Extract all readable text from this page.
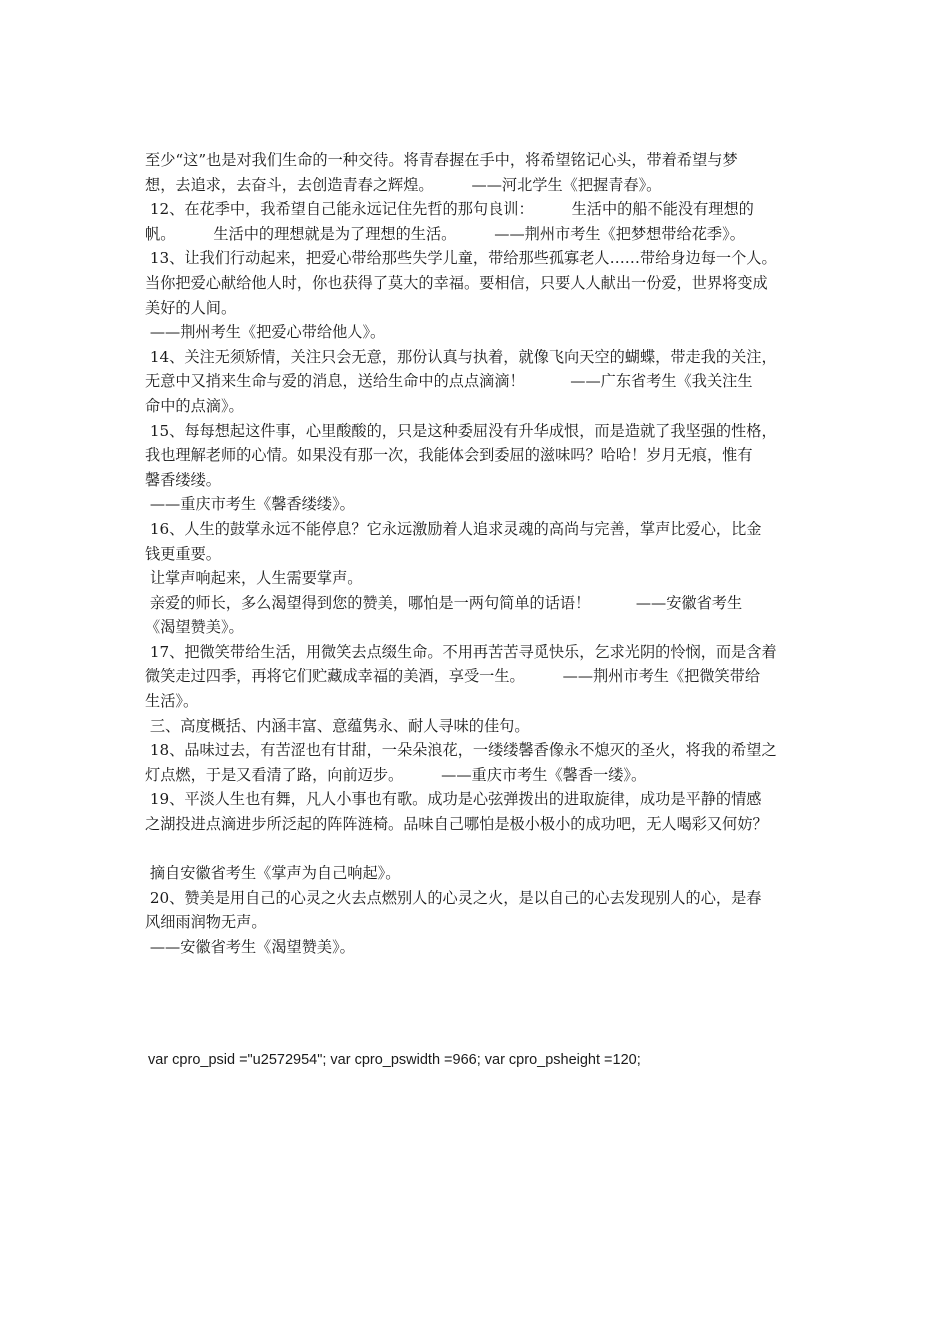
至少“这”也是对我们生命的一种交待。将青春握在手中，将希望铭记心头，带着希望与梦
想，去追求，去奋斗，去创造青春之辉煌。　　　——河北学生《把握青春》。
12、在花季中，我希望自己能永远记住先哲的那句良训：　　　生活中的船不能没有理想的
帆。　　　生活中的理想就是为了理想的生活。　　　——荆州市考生《把梦想带给花季》。
13、让我们行动起来，把爱心带给那些失学儿童，带给那些孤寡老人……带给身边每一个人。
当你把爱心献给他人时，你也获得了莫大的幸福。要相信，只要人人献出一份爱，世界将变成
美好的人间。
——荆州考生《把爱心带给他人》。
14、关注无须矫情，关注只会无意，那份认真与执着，就像飞向天空的蝴蝶，带走我的关注，
无意中又捎来生命与爱的消息，送给生命中的点点滴滴！　　　——广东省考生《我关注生
命中的点滴》。
15、每每想起这件事，心里酸酸的，只是这种委屈没有升华成恨，而是造就了我坚强的性格，
我也理解老师的心情。如果没有那一次，我能体会到委屈的滋味吗？哈哈！岁月无痕，惟有
馨香缕缕。
——重庆市考生《馨香缕缕》。
16、人生的鼓掌永远不能停息？它永远激励着人追求灵魂的高尚与完善，掌声比爱心，比金
钱更重要。
让掌声响起来，人生需要掌声。
亲爱的师长，多么渴望得到您的赞美，哪怕是一两句简单的话语！　　　——安徽省考生
《渴望赞美》。
17、把微笑带给生活，用微笑去点缀生命。不用再苦苦寻觅快乐，乞求光阴的怜悯，而是含着
微笑走过四季，再将它们贮藏成幸福的美酒，享受一生。　　　——荆州市考生《把微笑带给
生活》。
三、高度概括、内涵丰富、意蕴隽永、耐人寻味的佳句。
18、品味过去，有苦涩也有甘甜，一朵朵浪花，一缕缕馨香像永不熄灭的圣火，将我的希望之
灯点燃，于是又看清了路，向前迈步。　　　——重庆市考生《馨香一缕》。
19、平淡人生也有舞，凡人小事也有歌。成功是心弦弹拨出的进取旋律，成功是平静的情感
之湖投进点滴进步所泛起的阵阵涟椅。品味自己哪怕是极小极小的成功吧，无人喝彩又何妨？
摘自安徽省考生《掌声为自己响起》。
20、赞美是用自己的心灵之火去点燃别人的心灵之火，是以自己的心去发现别人的心，是春
风细雨润物无声。
——安徽省考生《渴望赞美》。
var cpro_psid ="u2572954"; var cpro_pswidth =966; var cpro_psheight =120;
